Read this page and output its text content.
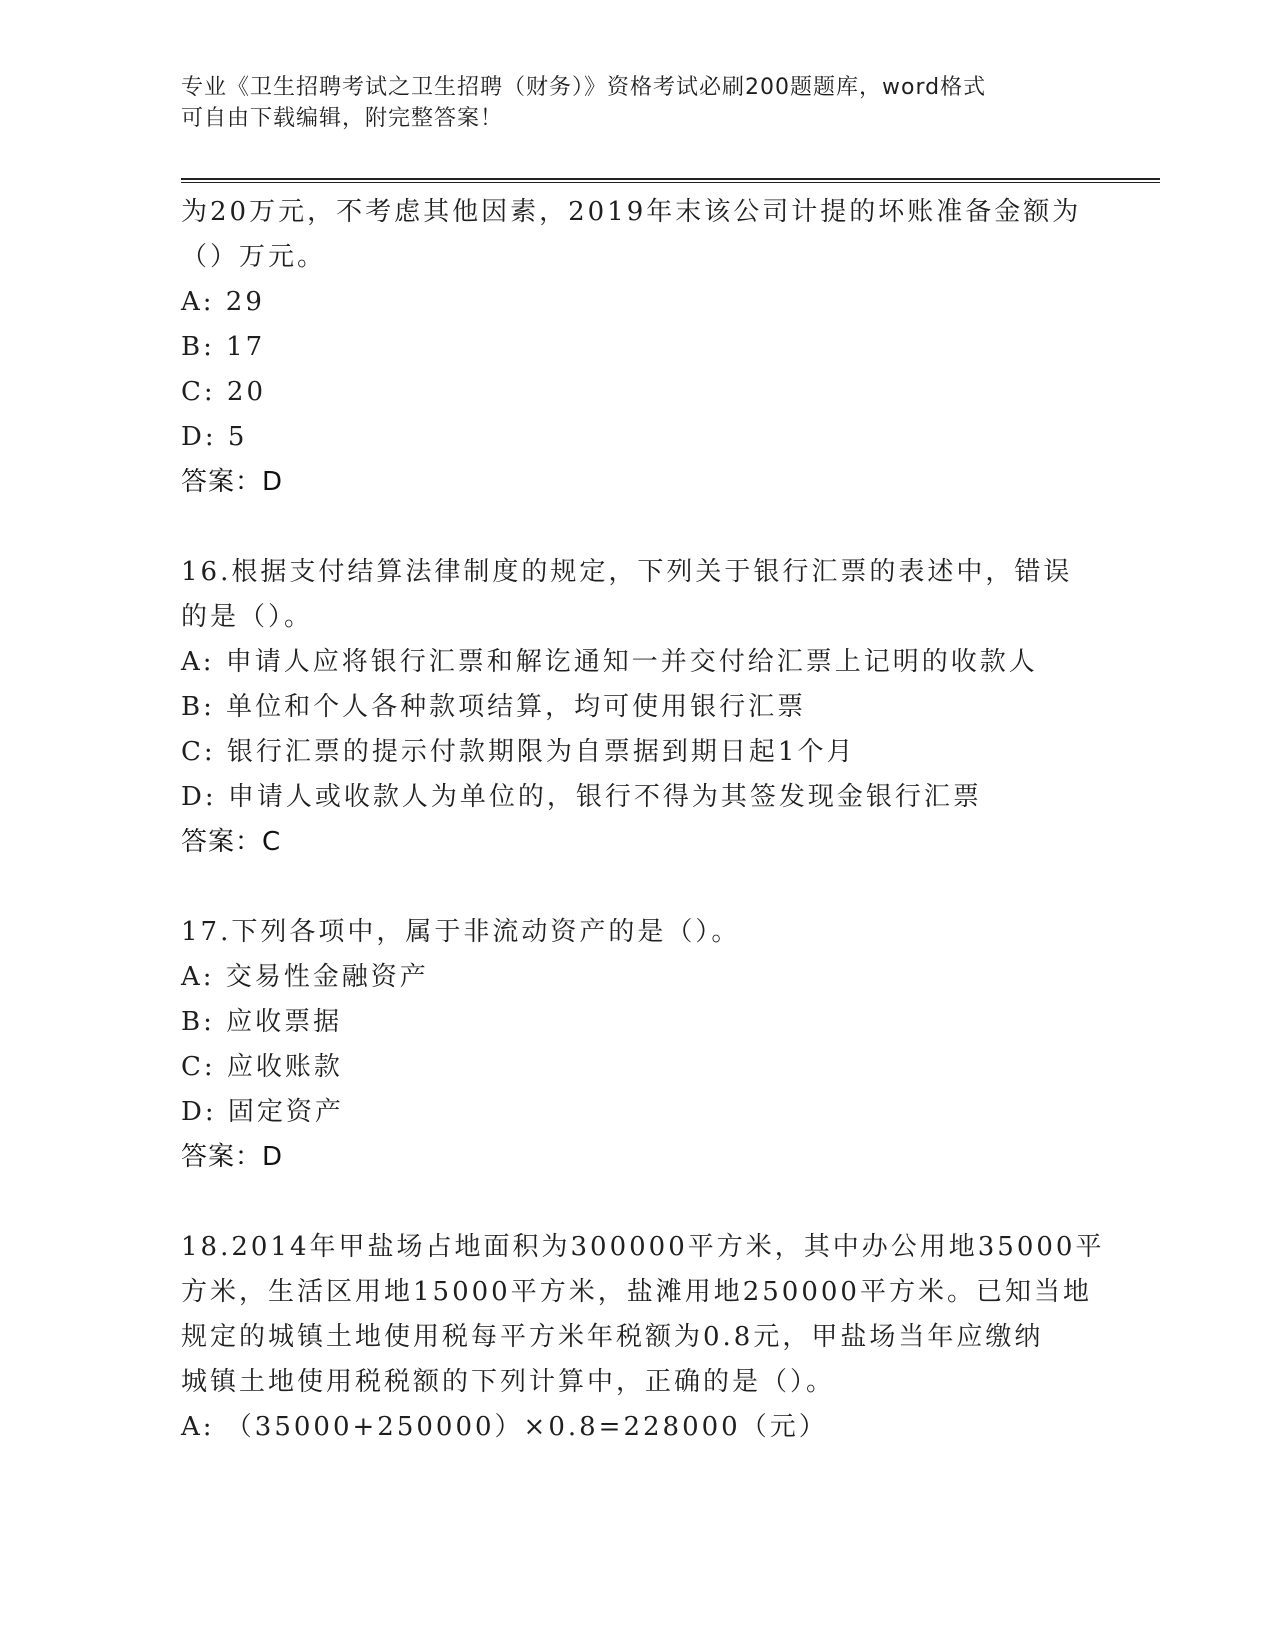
专业《卫生招聘考试之卫生招聘（财务）》资格考试必刷200题题库，word格式
可自由下载编辑，附完整答案！
为20万元，不考虑其他因素，2019年末该公司计提的坏账准备金额为
（）万元。
A: 29
B: 17
C: 20
D: 5
答案：D
16.根据支付结算法律制度的规定，下列关于银行汇票的表述中，错误
的是（）。
A: 申请人应将银行汇票和解讫通知一并交付给汇票上记明的收款人
B: 单位和个人各种款项结算，均可使用银行汇票
C: 银行汇票的提示付款期限为自票据到期日起1个月
D: 申请人或收款人为单位的，银行不得为其签发现金银行汇票
答案：C
17.下列各项中，属于非流动资产的是（）。
A: 交易性金融资产
B: 应收票据
C: 应收账款
D: 固定资产
答案：D
18.2014年甲盐场占地面积为300000平方米，其中办公用地35000平
方米，生活区用地15000平方米，盐滩用地250000平方米。已知当地
规定的城镇土地使用税每平方米年税额为0.8元，甲盐场当年应缴纳
城镇土地使用税税额的下列计算中，正确的是（）。
A: （35000+250000）×0.8=228000（元）
